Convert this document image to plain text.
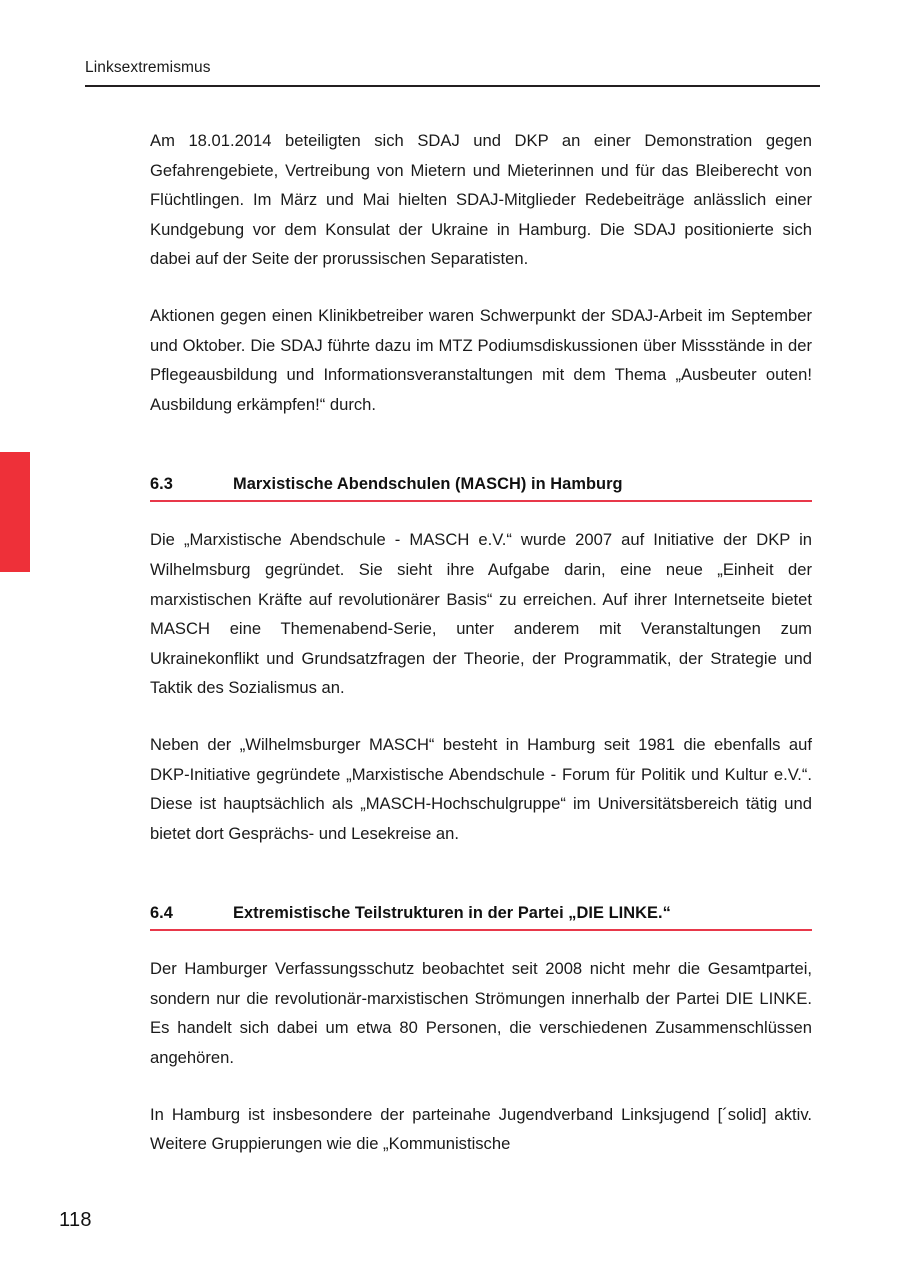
Linksextremismus

Am 18.01.2014 beteiligten sich SDAJ und DKP an einer Demonstration gegen Gefahrengebiete, Vertreibung von Mietern und Mieterinnen und für das Bleiberecht von Flüchtlingen. Im März und Mai hielten SDAJ-Mitglieder Redebeiträge anlässlich einer Kundgebung vor dem Konsulat der Ukraine in Hamburg. Die SDAJ positionierte sich dabei auf der Seite der prorussischen Separatisten.

Aktionen gegen einen Klinikbetreiber waren Schwerpunkt der SDAJ-Arbeit im September und Oktober. Die SDAJ führte dazu im MTZ Podiumsdiskussionen über Missstände in der Pflegeausbildung und Informationsveranstaltungen mit dem Thema „Ausbeuter outen! Ausbildung erkämpfen!“ durch.

6.3	Marxistische Abendschulen (MASCH) in Hamburg

Die „Marxistische Abendschule - MASCH e.V.“ wurde 2007 auf Initiative der DKP in Wilhelmsburg gegründet. Sie sieht ihre Aufgabe darin, eine neue „Einheit der marxistischen Kräfte auf revolutionärer Basis“ zu erreichen. Auf ihrer Internetseite bietet MASCH eine Themenabend-Serie, unter anderem mit Veranstaltungen zum Ukrainekonflikt und Grundsatzfragen der Theorie, der Programmatik, der Strategie und Taktik des Sozialismus an.

Neben der „Wilhelmsburger MASCH“ besteht in Hamburg seit 1981 die ebenfalls auf DKP-Initiative gegründete „Marxistische Abendschule - Forum für Politik und Kultur e.V.“. Diese ist hauptsächlich als „MASCH-Hochschulgruppe“ im Universitätsbereich tätig und bietet dort Gesprächs- und Lesekreise an.

6.4	Extremistische Teilstrukturen in der Partei „DIE LINKE.“

Der Hamburger Verfassungsschutz beobachtet seit 2008 nicht mehr die Gesamtpartei, sondern nur die revolutionär-marxistischen Strömungen innerhalb der Partei DIE LINKE. Es handelt sich dabei um etwa 80 Personen, die verschiedenen Zusammenschlüssen angehören.

In Hamburg ist insbesondere der parteinahe Jugendverband Linksjugend [´solid] aktiv. Weitere Gruppierungen wie die „Kommunistische

118
